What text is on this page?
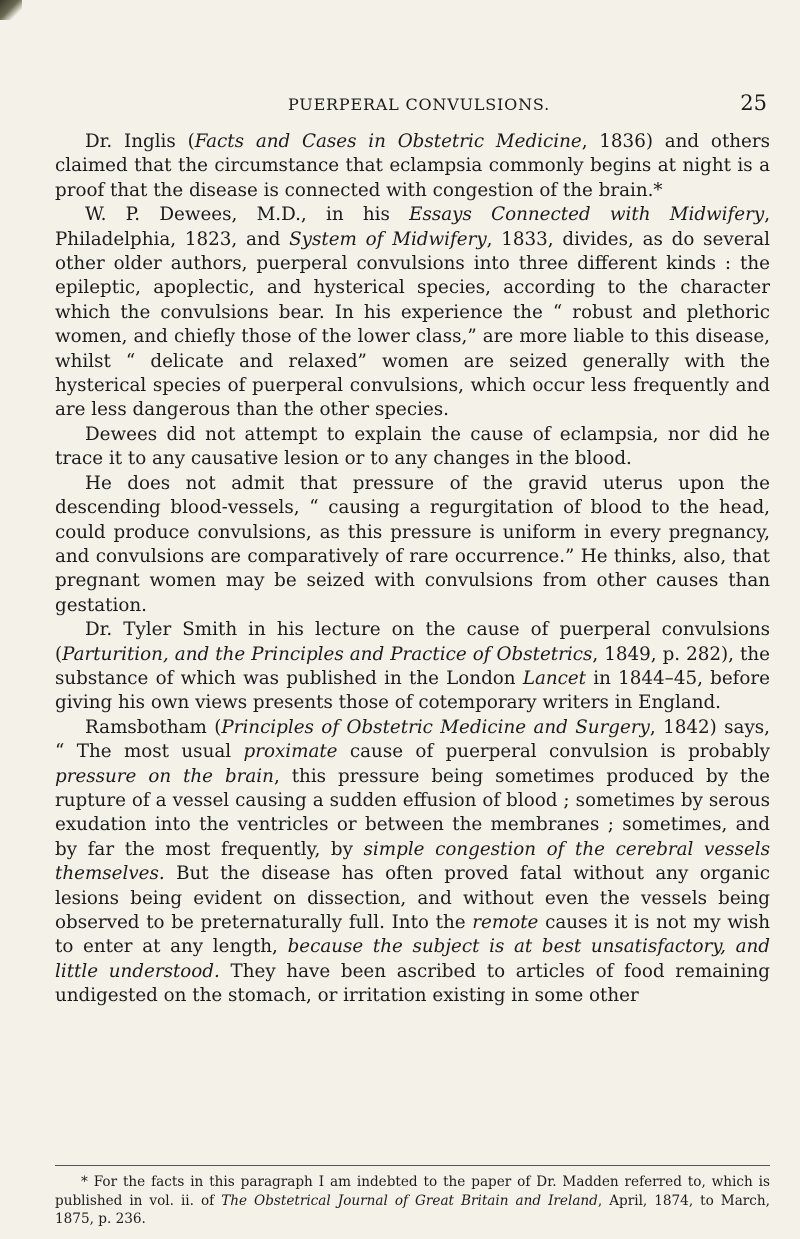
PUERPERAL CONVULSIONS.	25

Dr. Inglis (Facts and Cases in Obstetric Medicine, 1836) and others claimed that the circumstance that eclampsia commonly begins at night is a proof that the disease is connected with congestion of the brain.*

W. P. Dewees, M.D., in his Essays Connected with Midwifery, Philadelphia, 1823, and System of Midwifery, 1833, divides, as do several other older authors, puerperal convulsions into three different kinds : the epileptic, apoplectic, and hysterical species, according to the character which the convulsions bear. In his experience the “ robust and plethoric women, and chiefly those of the lower class,” are more liable to this disease, whilst “ delicate and relaxed” women are seized generally with the hysterical species of puerperal convulsions, which occur less frequently and are less dangerous than the other species.

Dewees did not attempt to explain the cause of eclampsia, nor did he trace it to any causative lesion or to any changes in the blood.

He does not admit that pressure of the gravid uterus upon the descending blood-vessels, “ causing a regurgitation of blood to the head, could produce convulsions, as this pressure is uniform in every pregnancy, and convulsions are comparatively of rare occurrence.” He thinks, also, that pregnant women may be seized with convulsions from other causes than gestation.

Dr. Tyler Smith in his lecture on the cause of puerperal convulsions (Parturition, and the Principles and Practice of Obstetrics, 1849, p. 282), the substance of which was published in the London Lancet in 1844–45, before giving his own views presents those of cotemporary writers in England.

Ramsbotham (Principles of Obstetric Medicine and Surgery, 1842) says, “ The most usual proximate cause of puerperal convulsion is probably pressure on the brain, this pressure being sometimes produced by the rupture of a vessel causing a sudden effusion of blood ; sometimes by serous exudation into the ventricles or between the membranes ; sometimes, and by far the most frequently, by simple congestion of the cerebral vessels themselves. But the disease has often proved fatal without any organic lesions being evident on dissection, and without even the vessels being observed to be preternaturally full. Into the remote causes it is not my wish to enter at any length, because the subject is at best unsatisfactory, and little understood. They have been ascribed to articles of food remaining undigested on the stomach, or irritation existing in some other

* For the facts in this paragraph I am indebted to the paper of Dr. Madden referred to, which is published in vol. ii. of The Obstetrical Journal of Great Britain and Ireland, April, 1874, to March, 1875, p. 236.
